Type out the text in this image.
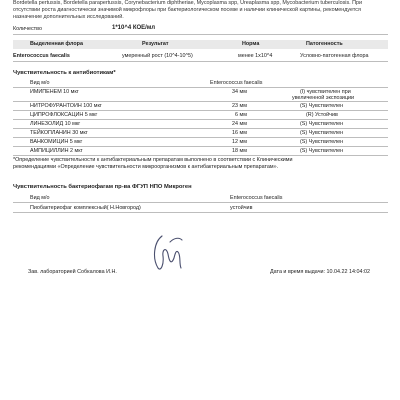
Bordetella pertussis, Bordetella parapertussis, Corynebacterium diphtheriae, Mycoplasma spp, Ureaplasma spp, Mycobacterium tuberculosis. При отсутствии роста диагностически значимой микрофлоры при бактериологическом посеве и наличии клинической картины, рекомендуется назначение дополнительных исследований.
Количество	1*10^4 КОЕ/мл
Выделенная флора	Результат	Норма	Патогенность
Enterococcus faecalis	умеренный рост (10^4-10^5)	менее 1x10^4	Условно-патогенная флора
Чувствительность к антибиотикам*
Вид м/о	Enterococcus faecalis
ИМИПЕНЕМ 10 мкг	34 мм	(I) чувствителен при
увеличенной экспозиции
НИТРОФУРАНТОИН 100 мкг	23 мм	(S) Чувствителен
ЦИПРОФЛОКСАЦИН 5 мкг	6 мм	(R) Устойчив
ЛИНЕЗОЛИД 10 мкг	24 мм	(S) Чувствителен
ТЕЙКОПЛАНИН 30 мкг	16 мм	(S) Чувствителен
ВАНКОМИЦИН 5 мкг	12 мм	(S) Чувствителен
АМПИЦИЛЛИН 2 мкг	18 мм	(S) Чувствителен
*Определение чувствительности к антибактериальным препаратам выполнено в соответствии с Клиническими
рекомендациями «Определение чувствительности микроорганизмов к антибактериальным препаратам».
Чувствительность бактериофагам пр-ва ФГУП НПО Микроген
Вид м/о	Enterococcus faecalis
Пиобактериофаг комплексный( Н.Новгород)	устойчив
Зав. лабораторией Собкалова И.Н.	Дата и время выдачи: 10.04.22 14:04:02
